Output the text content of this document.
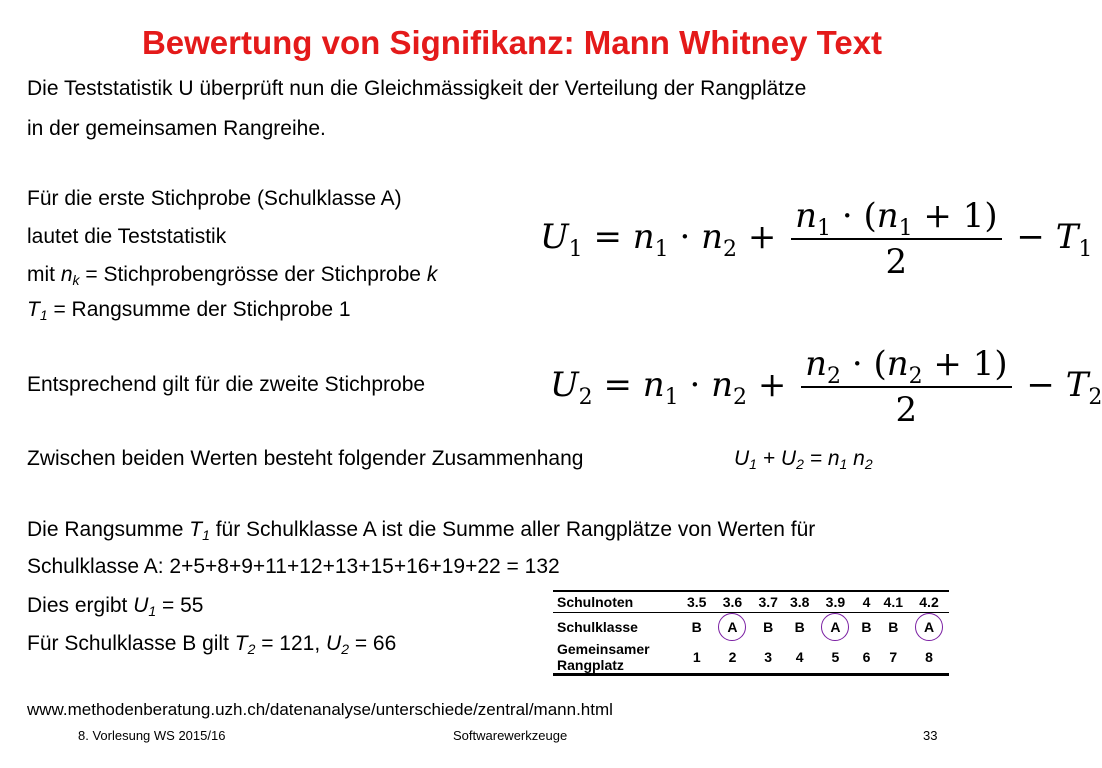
Bewertung von Signifikanz: Mann Whitney Text
Die Teststatistik U überprüft nun die Gleichmässigkeit der Verteilung der Rangplätze
in der gemeinsamen Rangreihe.
Für die erste Stichprobe (Schulklasse A)
lautet die Teststatistik
mit $n_k$ = Stichprobengrösse der Stichprobe k
$T_1$ = Rangsumme der Stichprobe 1
$U_1 = n_1 \cdot n_2 + \frac{n_1 \cdot (n_1 + 1)}{2} - T_1$
Entsprechend gilt für die zweite Stichprobe	$U_2 = n_1 \cdot n_2 + \frac{n_2 \cdot (n_2 + 1)}{2} - T_2$
Zwischen beiden Werten besteht folgender Zusammenhang	$U_1 + U_2 = n_1$ $n_2$
Die Rangsumme $T_1$ für Schulklasse A ist die Summe aller Rangplätze von Werten für
Schulklasse A: 2+5+8+9+11+12+13+15+16+19+22 = 132
Dies ergibt $U_1 = 55$
Für Schulklasse B gilt $T_2 = 121$, $U_2 = 66$
Schulnoten	3.5	3.6	3.7	3.8	3.9	4	4.1	4.2
Schulklasse	B	A	B	B	A	B	B	A
Gemeinsamer
Rangplatz	1	2	3	4	5	6	7	8
www.methodenberatung.uzh.ch/datenanalyse/unterschiede/zentral/mann.html
8. Vorlesung WS 2015/16	Softwarewerkzeuge	33
